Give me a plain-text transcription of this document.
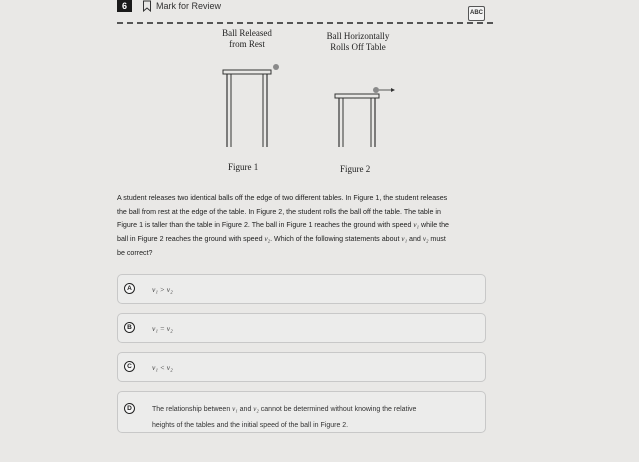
6	Mark for Review
ABC
Ball Released
from Rest
Ball Horizontally
Rolls Off Table
Figure 1	Figure 2
A student releases two identical balls off the edge of two different tables. In Figure 1, the student releases
the ball from rest at the edge of the table. In Figure 2, the student rolls the ball off the table. The table in
Figure 1 is taller than the table in Figure 2. The ball in Figure 1 reaches the ground with speed v₁ while the
ball in Figure 2 reaches the ground with speed v₂. Which of the following statements about v₁ and v₂ must
be correct?
A	v₁ > v₂
B	v₁ = v₂
C	v₁ < v₂
D	The relationship between v₁ and v₂ cannot be determined without knowing the relative
heights of the tables and the initial speed of the ball in Figure 2.
